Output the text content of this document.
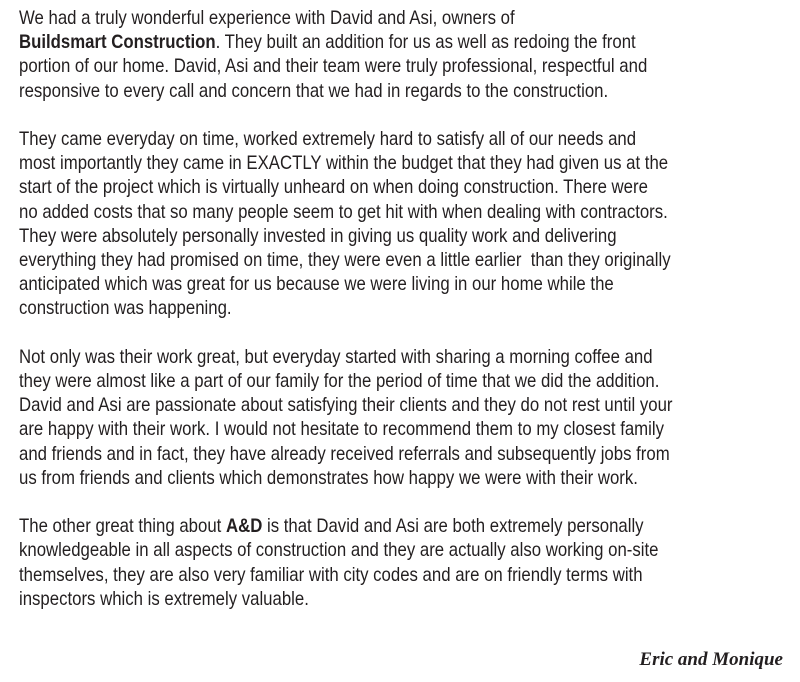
We had a truly wonderful experience with David and Asi, owners of
Buildsmart Construction. They built an addition for us as well as redoing the front
portion of our home. David, Asi and their team were truly professional, respectful and
responsive to every call and concern that we had in regards to the construction.
They came everyday on time, worked extremely hard to satisfy all of our needs and
most importantly they came in EXACTLY within the budget that they had given us at the
start of the project which is virtually unheard on when doing construction. There were
no added costs that so many people seem to get hit with when dealing with contractors.
They were absolutely personally invested in giving us quality work and delivering
everything they had promised on time, they were even a little earlier  than they originally
anticipated which was great for us because we were living in our home while the
construction was happening.
Not only was their work great, but everyday started with sharing a morning coffee and
they were almost like a part of our family for the period of time that we did the addition.
David and Asi are passionate about satisfying their clients and they do not rest until your
are happy with their work. I would not hesitate to recommend them to my closest family
and friends and in fact, they have already received referrals and subsequently jobs from
us from friends and clients which demonstrates how happy we were with their work.
The other great thing about A&D is that David and Asi are both extremely personally
knowledgeable in all aspects of construction and they are actually also working on-site
themselves, they are also very familiar with city codes and are on friendly terms with
inspectors which is extremely valuable.
Eric and Monique
